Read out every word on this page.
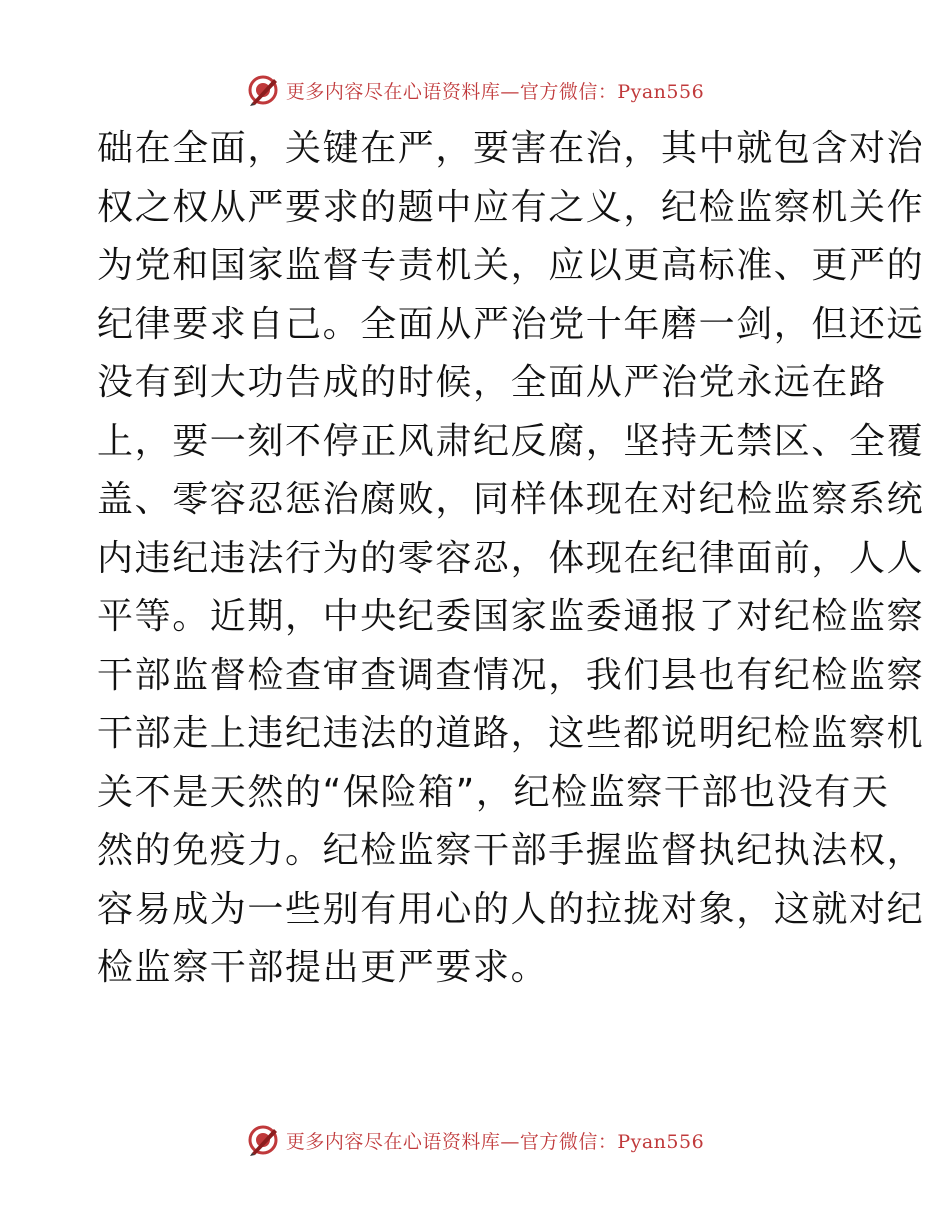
更多内容尽在心语资料库—官方微信：Pyan556
础在全面，关键在严，要害在治，其中就包含对治
权之权从严要求的题中应有之义，纪检监察机关作
为党和国家监督专责机关，应以更高标准、更严的
纪律要求自己。全面从严治党十年磨一剑，但还远
没有到大功告成的时候，全面从严治党永远在路
上，要一刻不停正风肃纪反腐，坚持无禁区、全覆
盖、零容忍惩治腐败，同样体现在对纪检监察系统
内违纪违法行为的零容忍，体现在纪律面前，人人
平等。近期，中央纪委国家监委通报了对纪检监察
干部监督检查审查调查情况，我们县也有纪检监察
干部走上违纪违法的道路，这些都说明纪检监察机
关不是天然的“保险箱”，纪检监察干部也没有天
然的免疫力。纪检监察干部手握监督执纪执法权，
容易成为一些别有用心的人的拉拢对象，这就对纪
检监察干部提出更严要求。
更多内容尽在心语资料库—官方微信：Pyan556
